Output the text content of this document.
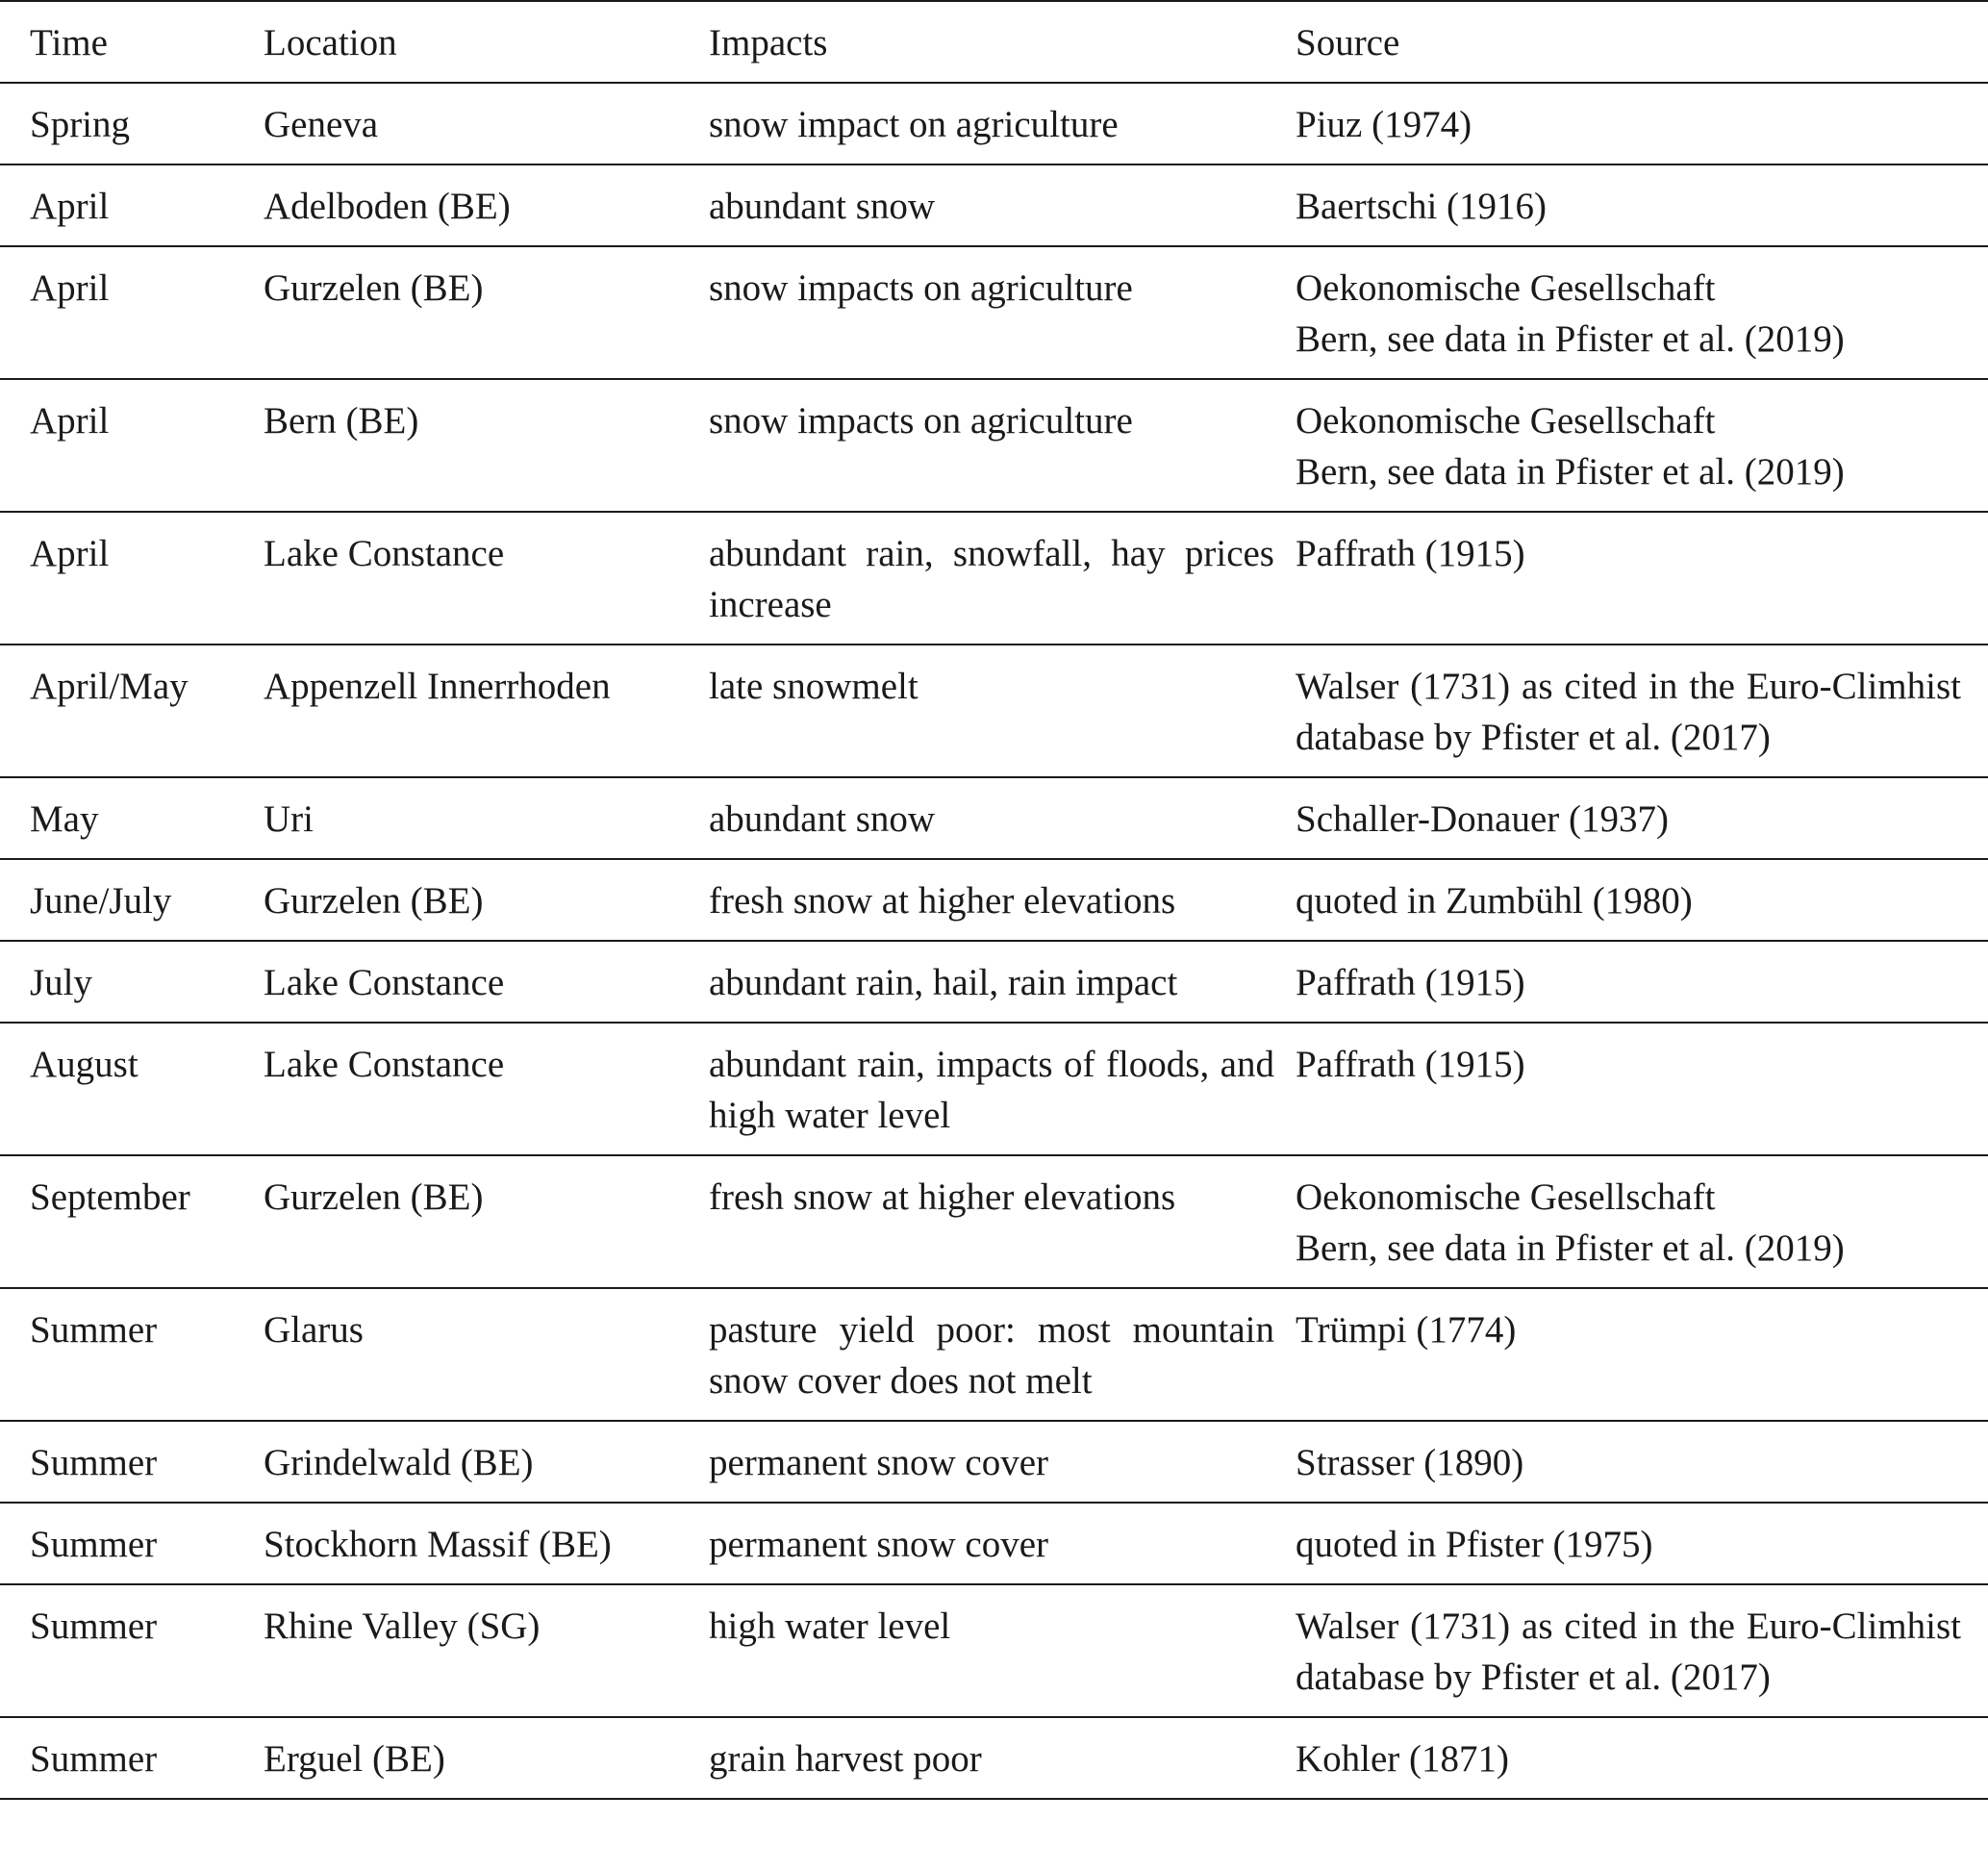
Time	Location	Impacts	Source
Spring	Geneva	snow impact on agriculture	Piuz (1974)

April	Adelboden (BE)	abundant snow	Baertschi (1916)

April	Gurzelen (BE)	snow impacts on agriculture	Oekonomische Gesellschaft
Bern, see data in Pfister et al. (2019)

April	Bern (BE)	snow impacts on agriculture	Oekonomische Gesellschaft
Bern, see data in Pfister et al. (2019)

April	Lake Constance	abundant rain, snowfall, hay prices increase	Paffrath (1915)

April/May	Appenzell Innerrhoden	late snowmelt	Walser (1731) as cited in the Euro-Climhist database by Pfister et al. (2017)

May	Uri	abundant snow	Schaller-Donauer (1937)

June/July	Gurzelen (BE)	fresh snow at higher elevations	quoted in Zumbühl (1980)

July	Lake Constance	abundant rain, hail, rain impact	Paffrath (1915)

August	Lake Constance	abundant rain, impacts of floods, and high water level	Paffrath (1915)

September	Gurzelen (BE)	fresh snow at higher elevations	Oekonomische Gesellschaft
Bern, see data in Pfister et al. (2019)

Summer	Glarus	pasture yield poor: most mountain snow cover does not melt	Trümpi (1774)

Summer	Grindelwald (BE)	permanent snow cover	Strasser (1890)

Summer	Stockhorn Massif (BE)	permanent snow cover	quoted in Pfister (1975)

Summer	Rhine Valley (SG)	high water level	Walser (1731) as cited in the Euro-Climhist database by Pfister et al. (2017)

Summer	Erguel (BE)	grain harvest poor	Kohler (1871)
